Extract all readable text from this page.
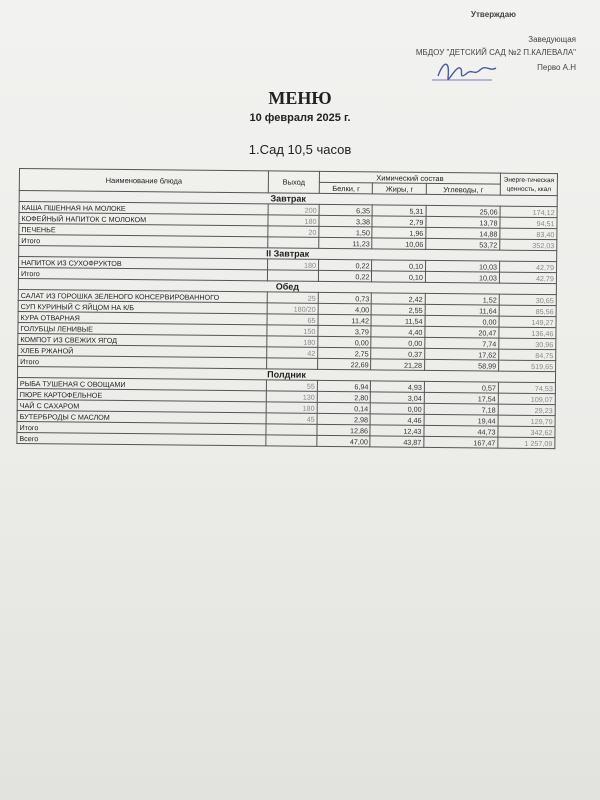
Утверждаю
Заведующая
МБДОУ "ДЕТСКИЙ САД №2 П.КАЛЕВАЛА"
Перво А.Н
МЕНЮ
10 февраля 2025 г.
1.Сад 10,5 часов
Наименование блюда	Выход	Химический состав			Энерге-тическая ценность, ккал
		Белки, г	Жиры, г	Углеводы, г	
Завтрак					
КАША ПШЕННАЯ НА МОЛОКЕ	200	6,35	5,31	25,06	174,12
КОФЕЙНЫЙ НАПИТОК С МОЛОКОМ	180	3,38	2,79	13,78	94,51
ПЕЧЕНЬЕ	20	1,50	1,96	14,88	83,40
Итого		11,23	10,06	53,72	352,03
II Завтрак					
НАПИТОК ИЗ СУХОФРУКТОВ	180	0,22	0,10	10,03	42,79
Итого		0,22	0,10	10,03	42,79
Обед					
САЛАТ ИЗ ГОРОШКА ЗЕЛЕНОГО КОНСЕРВИРОВАННОГО	25	0,73	2,42	1,52	30,65
СУП КУРИНЫЙ С ЯЙЦОМ НА К/Б	180/20	4,00	2,55	11,64	85,56
КУРА ОТВАРНАЯ	65	11,42	11,54	0,00	149,27
ГОЛУБЦЫ ЛЕНИВЫЕ	150	3,79	4,40	20,47	136,46
КОМПОТ ИЗ СВЕЖИХ ЯГОД	180	0,00	0,00	7,74	30,96
ХЛЕБ РЖАНОЙ	42	2,75	0,37	17,62	84,75
Итого		22,69	21,28	58,99	519,65
Полдник					
РЫБА ТУШЕНАЯ С ОВОЩАМИ	55	6,94	4,93	0,57	74,53
ПЮРЕ КАРТОФЕЛЬНОЕ	130	2,80	3,04	17,54	109,07
ЧАЙ С САХАРОМ	180	0,14	0,00	7,18	29,23
БУТЕРБРОДЫ С МАСЛОМ	45	2,98	4,46	19,44	129,79
Итого		12,86	12,43	44,73	342,62
Всего		47,00	43,87	167,47	1 257,09
